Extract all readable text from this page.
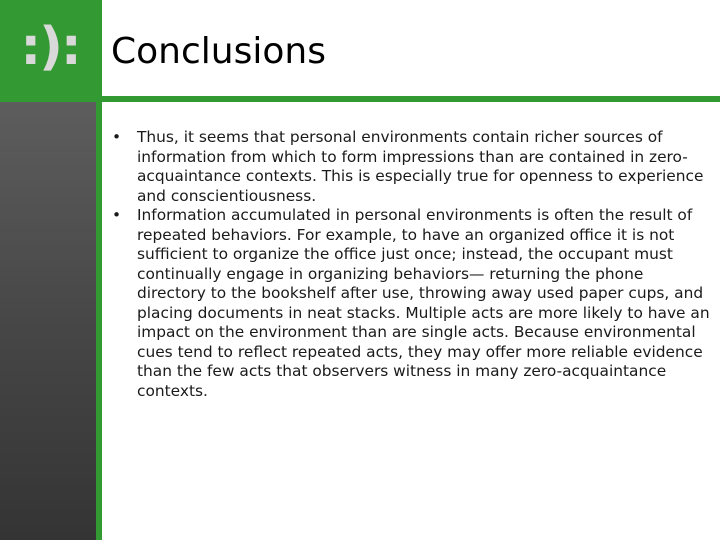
:): Conclusions
• Thus, it seems that personal environments contain richer sources of information from which to form impressions than are contained in zero-acquaintance contexts. This is especially true for openness to experience and conscientiousness.
• Information accumulated in personal environments is often the result of repeated behaviors. For example, to have an organized office it is not sufficient to organize the office just once; instead, the occupant must continually engage in organizing behaviors— returning the phone directory to the bookshelf after use, throwing away used paper cups, and placing documents in neat stacks. Multiple acts are more likely to have an impact on the environment than are single acts. Because environmental cues tend to reflect repeated acts, they may offer more reliable evidence than the few acts that observers witness in many zero-acquaintance contexts.
